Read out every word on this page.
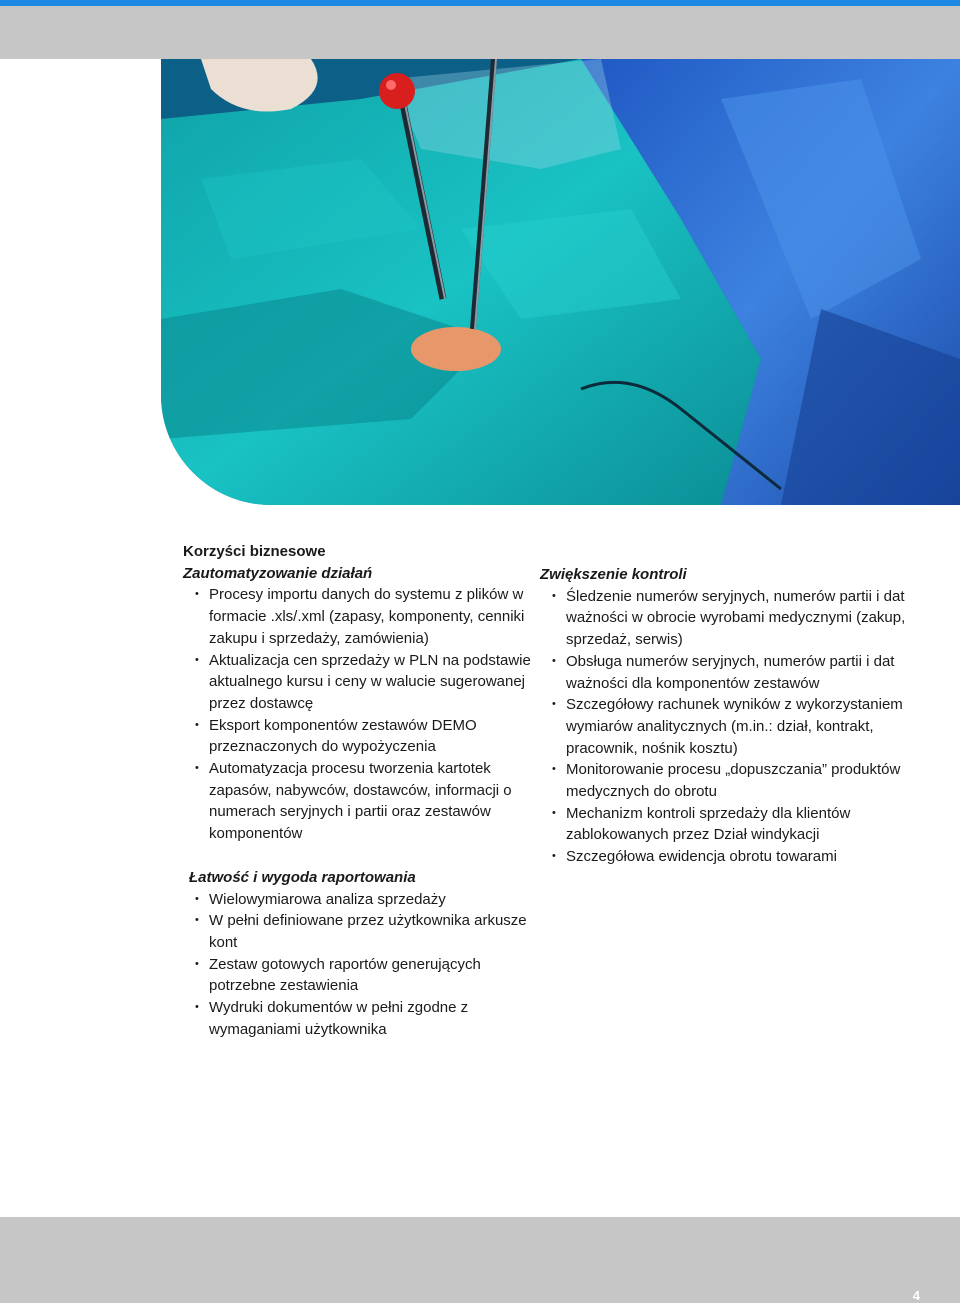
Korzyści biznesowe
Zautomatyzowanie działań
• Procesy importu danych do systemu z plików w formacie .xls/.xml (zapasy, komponenty, cenniki zakupu i sprzedaży, zamówienia)
• Aktualizacja cen sprzedaży w PLN na podstawie aktualnego kursu i ceny w walucie sugerowanej przez dostawcę
• Eksport komponentów zestawów DEMO przeznaczonych do wypożyczenia
• Automatyzacja procesu tworzenia kartotek zapasów, nabywców, dostawców, informacji o numerach seryjnych i partii oraz zestawów komponentów
Łatwość i wygoda raportowania
• Wielowymiarowa analiza sprzedaży
• W pełni definiowane przez użytkownika arkusze kont
• Zestaw gotowych raportów generujących potrzebne zestawienia
• Wydruki dokumentów w pełni zgodne z wymaganiami użytkownika
Zwiększenie kontroli
• Śledzenie numerów seryjnych, numerów partii i dat ważności w obrocie wyrobami medycznymi (zakup, sprzedaż, serwis)
• Obsługa numerów seryjnych, numerów partii i dat ważności dla komponentów zestawów
• Szczegółowy rachunek wyników z wykorzystaniem wymiarów analitycznych (m.in.: dział, kontrakt, pracownik, nośnik kosztu)
• Monitorowanie procesu „dopuszczania” produktów medycznych do obrotu
• Mechanizm kontroli sprzedaży dla klientów zablokowanych przez Dział windykacji
• Szczegółowa ewidencja obrotu towarami
4
